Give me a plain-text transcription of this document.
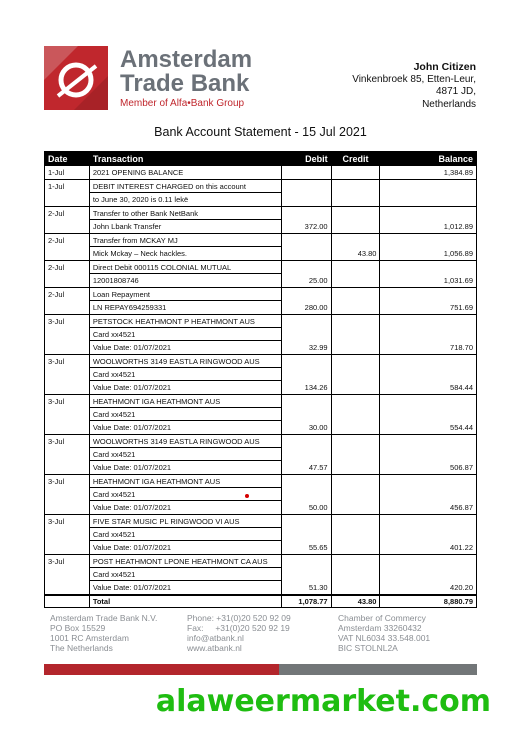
Amsterdam
Trade Bank
Member of Alfa•Bank Group
John Citizen
Vinkenbroek 85, Etten-Leur,
4871 JD,
Netherlands
Bank Account Statement - 15 Jul 2021
Date	Transaction	Debit	Credit	Balance
1-Jul	2021 OPENING BALANCE			1,384.89
1-Jul	DEBIT INTEREST CHARGED on this account
to June 30, 2020 is 0.11 lekë			

2-Jul	Transfer to other Bank NetBank
John Lbank Transfer	372.00		1,012.89
2-Jul	Transfer from MCKAY MJ
Mick Mckay – Neck hackles.		43.80	1,056.89
2-Jul	Direct Debit 000115 COLONIAL MUTUAL
12001808746	25.00		1,031.69
2-Jul	Loan Repayment
LN REPAY694259331	280.00		751.69
3-Jul	PETSTOCK HEATHMONT P HEATHMONT AUS
Card xx4521
Value Date: 01/07/2021	32.99		718.70
3-Jul	WOOLWORTHS 3149 EASTLA RINGWOOD AUS
Card xx4521
Value Date: 01/07/2021	134.26		584.44
3-Jul	HEATHMONT IGA HEATHMONT AUS
Card xx4521
Value Date: 01/07/2021	30.00		554.44
3-Jul	WOOLWORTHS 3149 EASTLA RINGWOOD AUS
Card xx4521
Value Date: 01/07/2021	47.57		506.87
3-Jul	HEATHMONT IGA HEATHMONT AUS
Card xx4521
Value Date: 01/07/2021	50.00		456.87
3-Jul	FIVE STAR MUSIC PL RINGWOOD VI AUS
Card xx4521
Value Date: 01/07/2021	55.65		401.22
3-Jul	POST HEATHMONT LPONE HEATHMONT CA AUS
Card xx4521
Value Date: 01/07/2021	51.30		420.20
	Total	1,078.77	43.80	8,880.79
Amsterdam Trade Bank N.V.
PO Box 15529
1001 RC Amsterdam
The Netherlands
Phone: +31(0)20 520 92 09
Fax:     +31(0)20 520 92 19
info@atbank.nl
www.atbank.nl
Chamber of Commercy
Amsterdam 33260432
VAT NL6034 33.548.001
BIC STOLNL2A
alaweermarket.com
